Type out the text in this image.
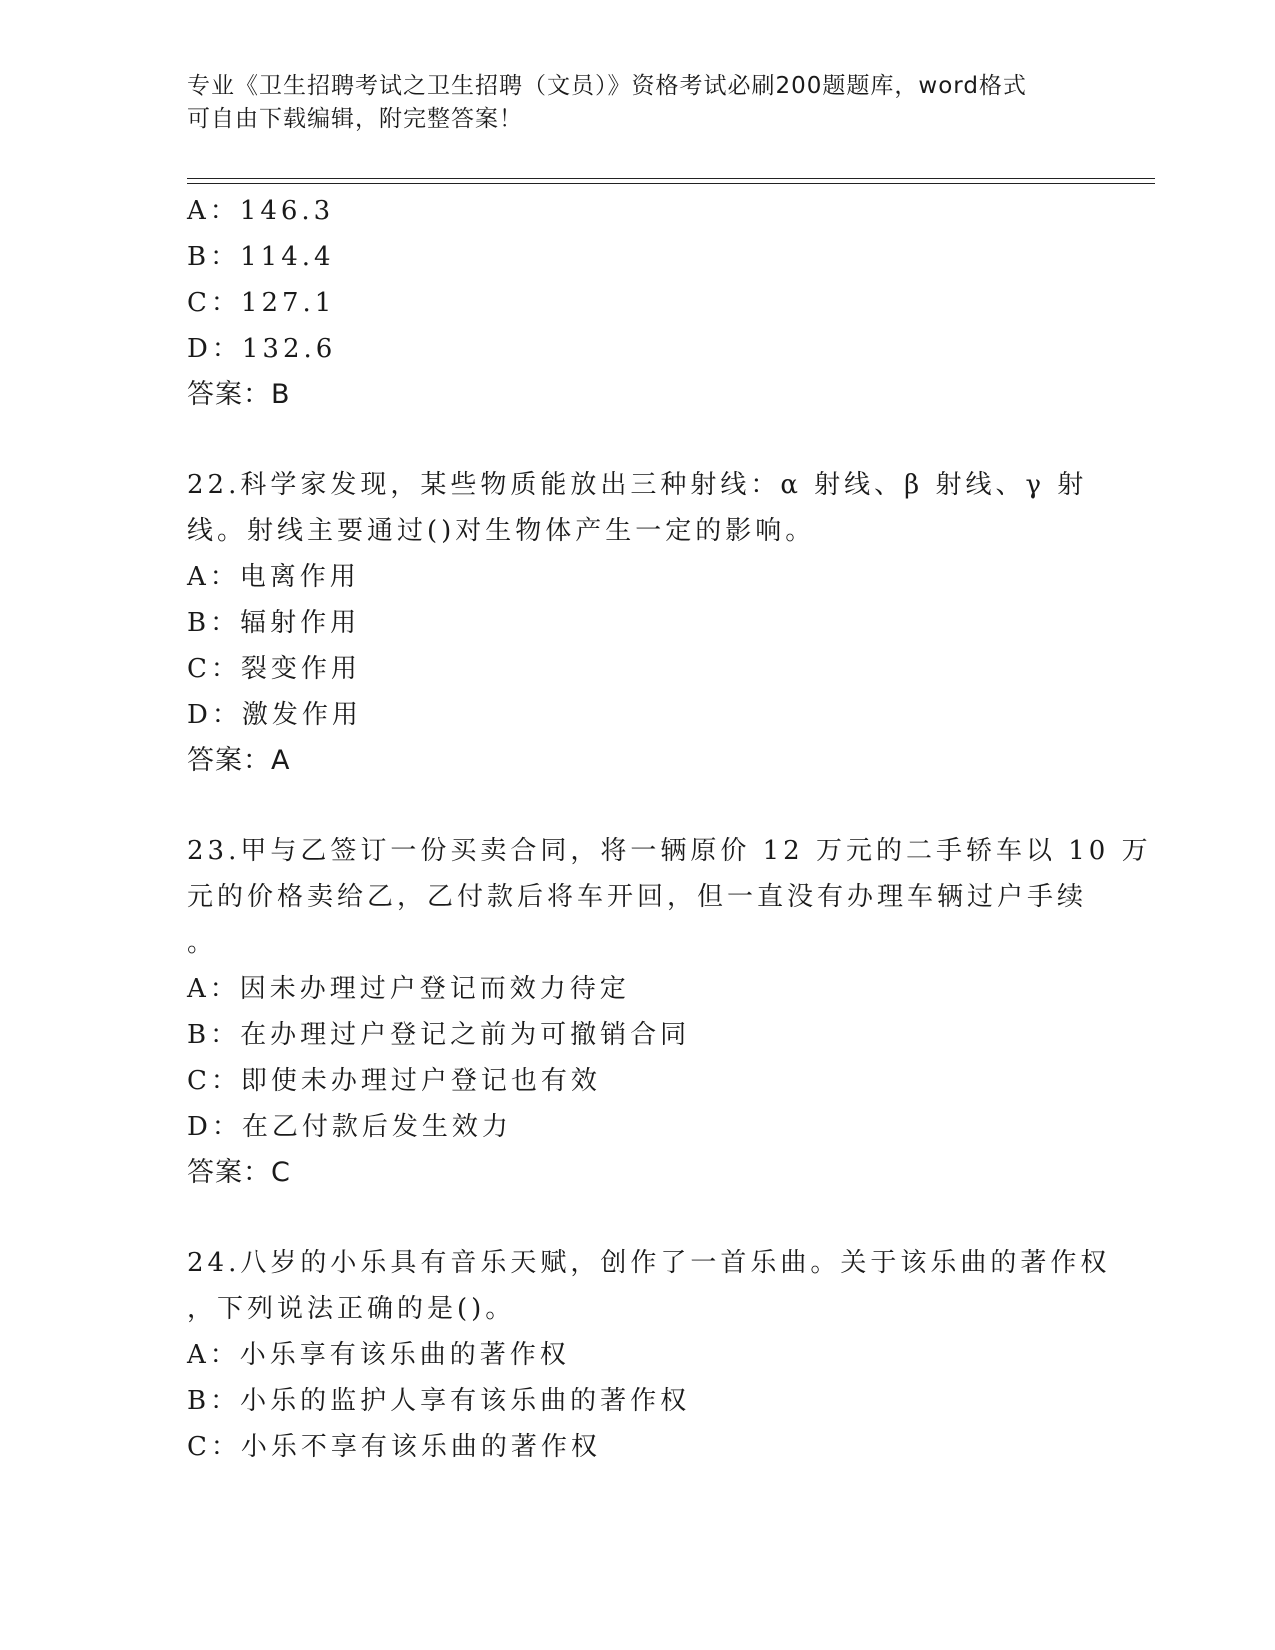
专业《卫生招聘考试之卫生招聘（文员）》资格考试必刷200题题库，word格式
可自由下载编辑，附完整答案！
A：146.3
B：114.4
C：127.1
D：132.6
答案：B
22.科学家发现，某些物质能放出三种射线：α 射线、β 射线、γ 射
线。射线主要通过()对生物体产生一定的影响。
A：电离作用
B：辐射作用
C：裂变作用
D：激发作用
答案：A
23.甲与乙签订一份买卖合同，将一辆原价 12 万元的二手轿车以 10 万
元的价格卖给乙，乙付款后将车开回，但一直没有办理车辆过户手续
。
A：因未办理过户登记而效力待定
B：在办理过户登记之前为可撤销合同
C：即使未办理过户登记也有效
D：在乙付款后发生效力
答案：C
24.八岁的小乐具有音乐天赋，创作了一首乐曲。关于该乐曲的著作权
，下列说法正确的是()。
A：小乐享有该乐曲的著作权
B：小乐的监护人享有该乐曲的著作权
C：小乐不享有该乐曲的著作权
